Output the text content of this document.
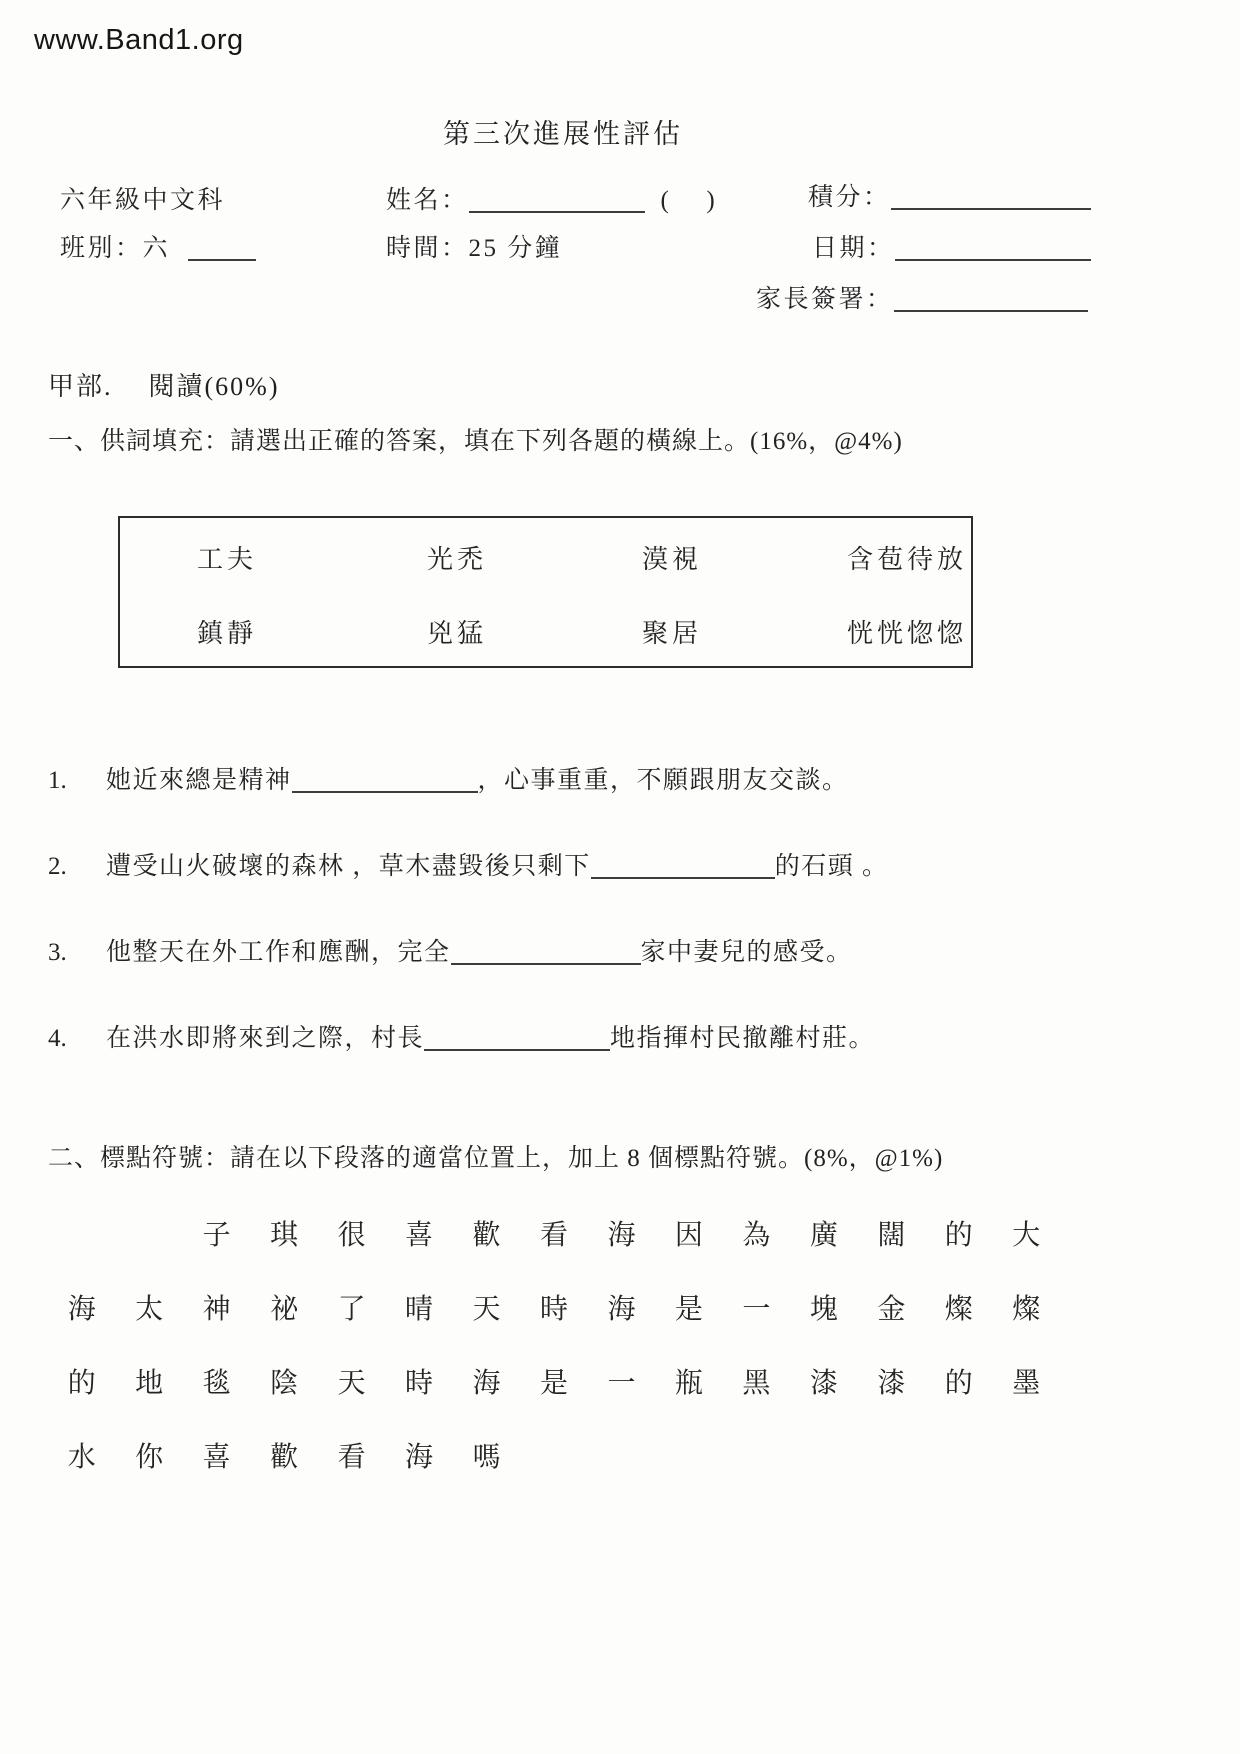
www.Band1.org
第三次進展性評估
六年級中文科	姓名：	(      )	積分：
班別：六	時間：25 分鐘	日期：
家長簽署：
甲部. 閱讀(60%)
一、供詞填充：請選出正確的答案，填在下列各題的橫線上。(16%，@4%)
工夫	光禿	漠視	含苞待放
鎮靜	兇猛	聚居	恍恍惚惚
1.	她近來總是精神	，心事重重，不願跟朋友交談。
2.	遭受山火破壞的森林 ，草木盡毀後只剩下	的石頭 。
3.	他整天在外工作和應酬，完全	家中妻兒的感受。
4.	在洪水即將來到之際，村長	地指揮村民撤離村莊。
二、標點符號：請在以下段落的適當位置上，加上 8 個標點符號。(8%，@1%)
子	琪	很	喜	歡	看	海	因	為	廣	闊	的	大
海	太	神	祕	了	晴	天	時	海	是	一	塊	金	燦	燦
的	地	毯	陰	天	時	海	是	一	瓶	黑	漆	漆	的	墨
水	你	喜	歡	看	海	嗎
